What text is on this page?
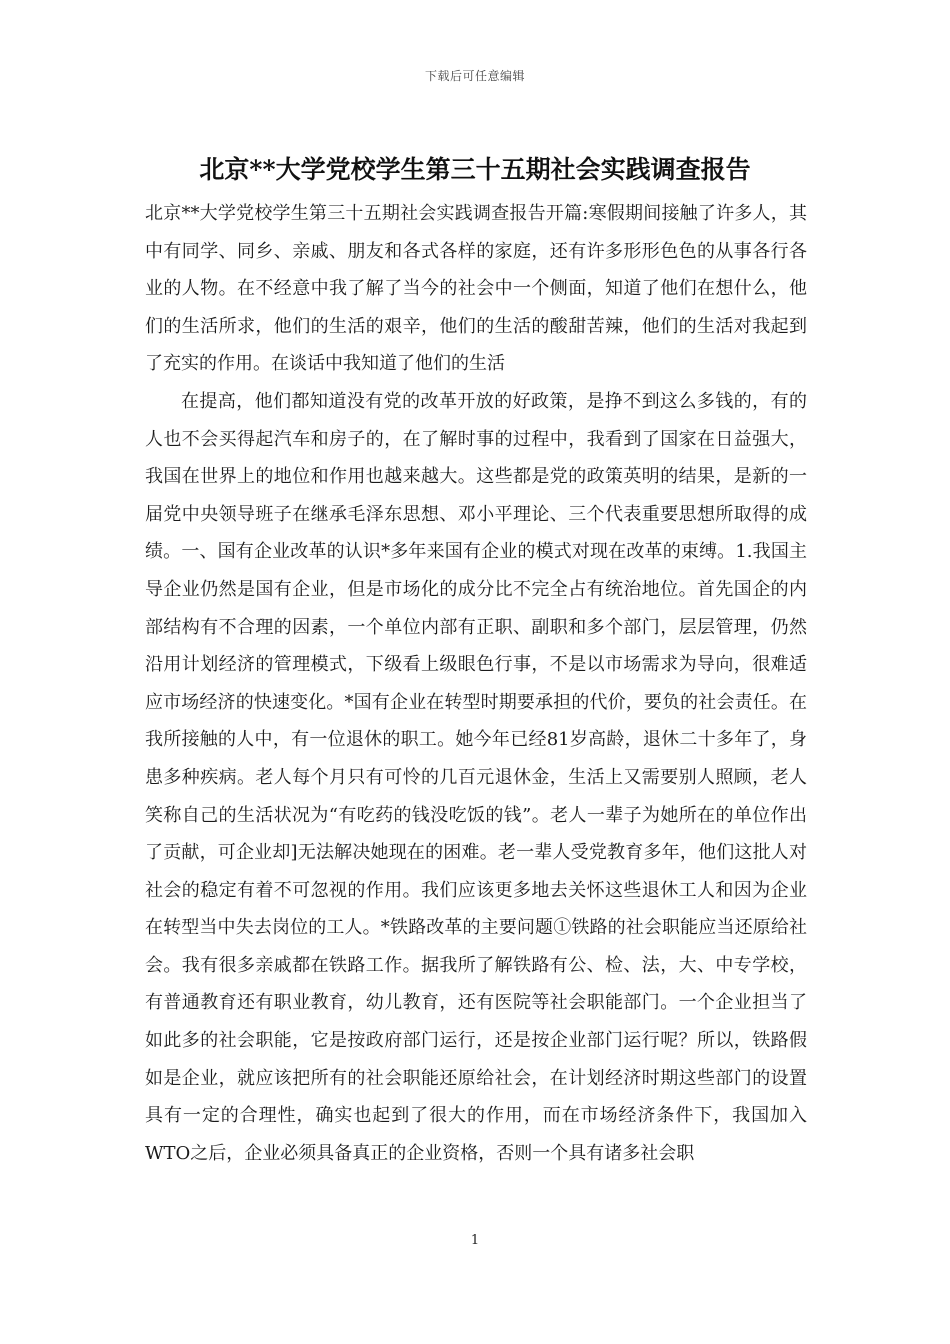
下载后可任意编辑
北京**大学党校学生第三十五期社会实践调查报告

北京**大学党校学生第三十五期社会实践调查报告开篇:寒假期间接触了许多人，其中有同学、同乡、亲戚、朋友和各式各样的家庭，还有许多形形色色的从事各行各业的人物。在不经意中我了解了当今的社会中一个侧面，知道了他们在想什么，他们的生活所求，他们的生活的艰辛，他们的生活的酸甜苦辣，他们的生活对我起到了充实的作用。在谈话中我知道了他们的生活

在提高，他们都知道没有党的改革开放的好政策，是挣不到这么多钱的，有的人也不会买得起汽车和房子的，在了解时事的过程中，我看到了国家在日益强大，我国在世界上的地位和作用也越来越大。这些都是党的政策英明的结果，是新的一届党中央领导班子在继承毛泽东思想、邓小平理论、三个代表重要思想所取得的成绩。一、国有企业改革的认识*多年来国有企业的模式对现在改革的束缚。1.我国主导企业仍然是国有企业，但是市场化的成分比不完全占有统治地位。首先国企的内部结构有不合理的因素，一个单位内部有正职、副职和多个部门，层层管理，仍然沿用计划经济的管理模式，下级看上级眼色行事，不是以市场需求为导向，很难适应市场经济的快速变化。*国有企业在转型时期要承担的代价，要负的社会责任。在我所接触的人中，有一位退休的职工。她今年已经81岁高龄，退休二十多年了，身患多种疾病。老人每个月只有可怜的几百元退休金，生活上又需要别人照顾，老人笑称自己的生活状况为“有吃药的钱没吃饭的钱”。老人一辈子为她所在的单位作出了贡献，可企业却]无法解决她现在的困难。老一辈人受党教育多年，他们这批人对社会的稳定有着不可忽视的作用。我们应该更多地去关怀这些退休工人和因为企业在转型当中失去岗位的工人。*铁路改革的主要问题①铁路的社会职能应当还原给社会。我有很多亲戚都在铁路工作。据我所了解铁路有公、检、法，大、中专学校，有普通教育还有职业教育，幼儿教育，还有医院等社会职能部门。一个企业担当了如此多的社会职能，它是按政府部门运行，还是按企业部门运行呢？所以，铁路假如是企业，就应该把所有的社会职能还原给社会，在计划经济时期这些部门的设置具有一定的合理性，确实也起到了很大的作用，而在市场经济条件下，我国加入WTO之后，企业必须具备真正的企业资格，否则一个具有诸多社会职

1
